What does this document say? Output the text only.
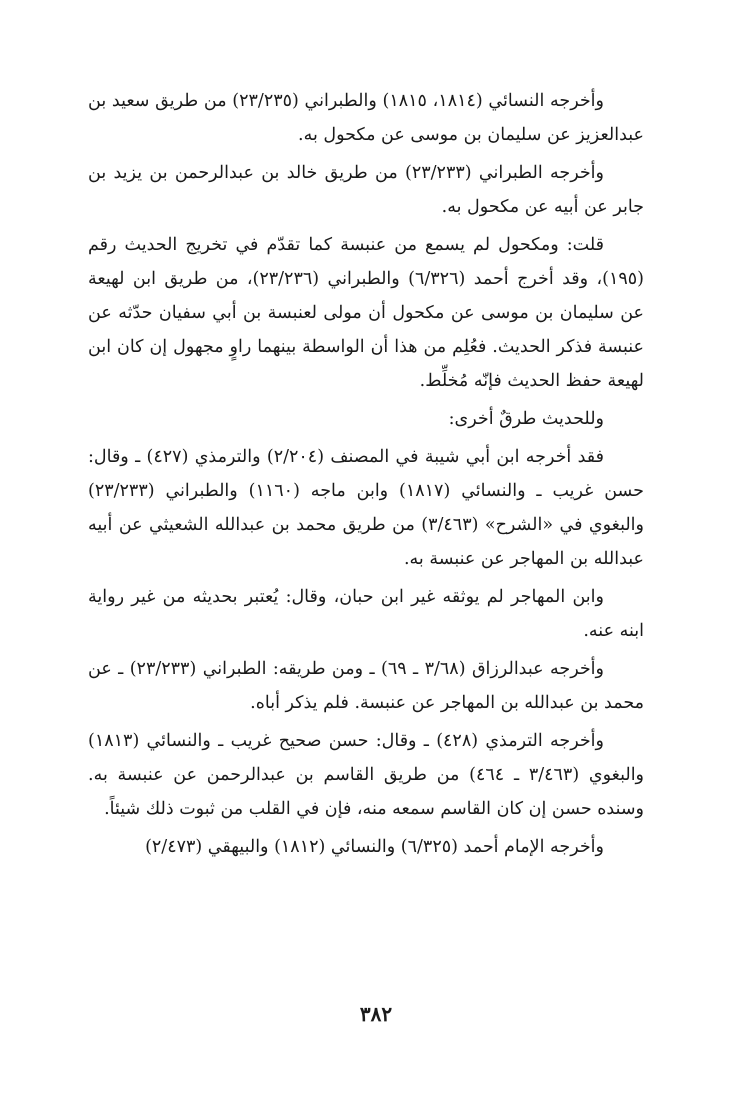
وأخرجه النسائي (١٨١٤، ١٨١٥) والطبراني (٢٣/٢٣٥) من طريق سعيد بن عبدالعزيز عن سليمان بن موسى عن مكحول به.

وأخرجه الطبراني (٢٣/٢٣٣) من طريق خالد بن عبدالرحمن بن يزيد بن جابر عن أبيه عن مكحول به.

قلت: ومكحول لم يسمع من عنبسة كما تقدّم في تخريج الحديث رقم (١٩٥)، وقد أخرج أحمد (٦/٣٢٦) والطبراني (٢٣/٢٣٦)، من طريق ابن لهيعة عن سليمان بن موسى عن مكحول أن مولى لعنبسة بن أبي سفيان حدّثه عن عنبسة فذكر الحديث. فعُلِم من هذا أن الواسطة بينهما راوٍ مجهول إن كان ابن لهيعة حفظ الحديث فإنّه مُخلِّط.

وللحديث طرقٌ أخرى:

فقد أخرجه ابن أبي شيبة في المصنف (٢/٢٠٤) والترمذي (٤٢٧) ـ وقال: حسن غريب ـ والنسائي (١٨١٧) وابن ماجه (١١٦٠) والطبراني (٢٣/٢٣٣) والبغوي في «الشرح» (٣/٤٦٣) من طريق محمد بن عبدالله الشعيثي عن أبيه عبدالله بن المهاجر عن عنبسة به.

وابن المهاجر لم يوثقه غير ابن حبان، وقال: يُعتبر بحديثه من غير رواية ابنه عنه.

وأخرجه عبدالرزاق (٣/٦٨ ـ ٦٩) ـ ومن طريقه: الطبراني (٢٣/٢٣٣) ـ عن محمد بن عبدالله بن المهاجر عن عنبسة. فلم يذكر أباه.

وأخرجه الترمذي (٤٢٨) ـ وقال: حسن صحيح غريب ـ والنسائي (١٨١٣) والبغوي (٣/٤٦٣ ـ ٤٦٤) من طريق القاسم بن عبدالرحمن عن عنبسة به. وسنده حسن إن كان القاسم سمعه منه، فإن في القلب من ثبوت ذلك شيئاً.

وأخرجه الإمام أحمد (٦/٣٢٥) والنسائي (١٨١٢) والبيهقي (٢/٤٧٣)

٣٨٢
